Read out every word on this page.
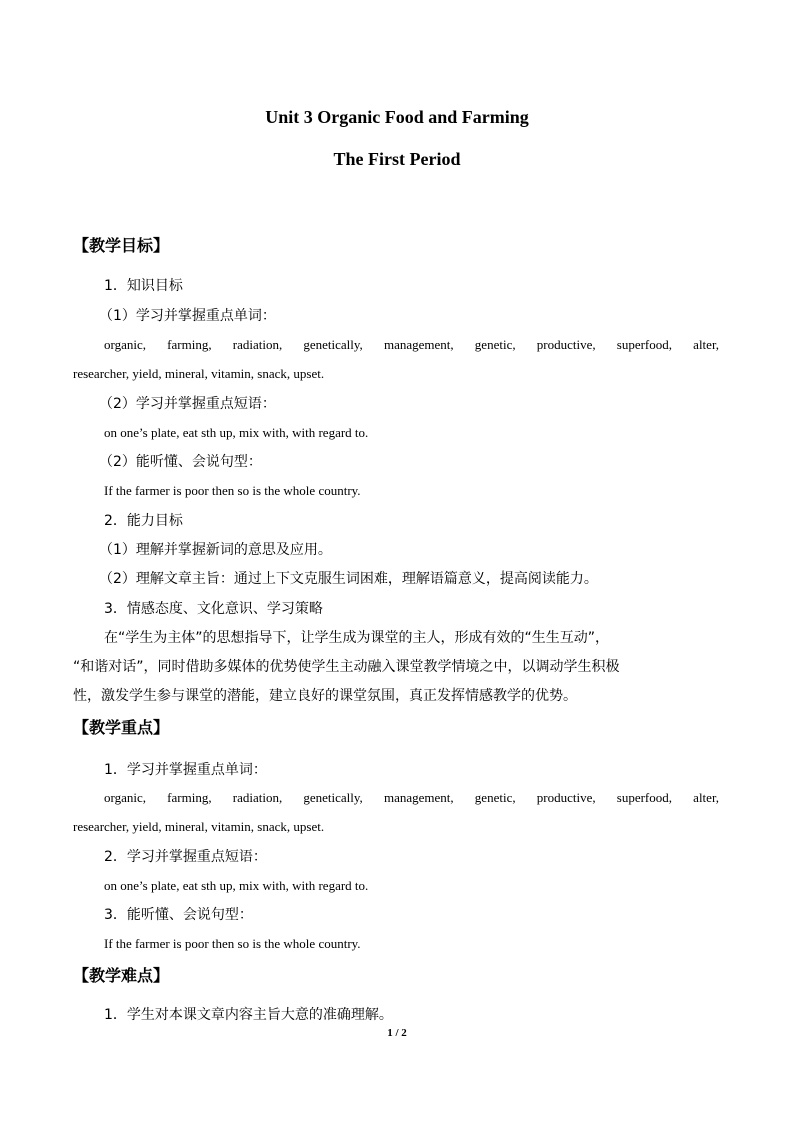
Unit 3 Organic Food and Farming
The First Period
【教学目标】
1．知识目标
（1）学习并掌握重点单词：
organic, farming, radiation, genetically, management, genetic, productive, superfood, alter,
researcher, yield, mineral, vitamin, snack, upset.
（2）学习并掌握重点短语：
on one’s plate, eat sth up, mix with, with regard to.
（2）能听懂、会说句型：
If the farmer is poor then so is the whole country.
2．能力目标
（1）理解并掌握新词的意思及应用。
（2）理解文章主旨：通过上下文克服生词困难，理解语篇意义，提高阅读能力。
3．情感态度、文化意识、学习策略
在“学生为主体”的思想指导下，让学生成为课堂的主人，形成有效的“生生互动”，
“和谐对话”，同时借助多媒体的优势使学生主动融入课堂教学情境之中，以调动学生积极
性，激发学生参与课堂的潜能，建立良好的课堂氛围，真正发挥情感教学的优势。
【教学重点】
1．学习并掌握重点单词：
organic, farming, radiation, genetically, management, genetic, productive, superfood, alter,
researcher, yield, mineral, vitamin, snack, upset.
2．学习并掌握重点短语：
on one’s plate, eat sth up, mix with, with regard to.
3．能听懂、会说句型：
If the farmer is poor then so is the whole country.
【教学难点】
1．学生对本课文章内容主旨大意的准确理解。
1 / 2
